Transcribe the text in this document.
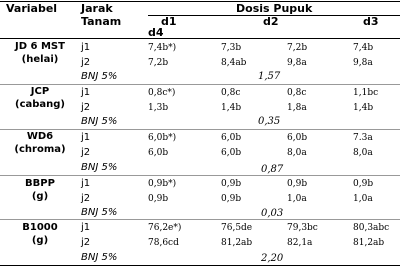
Variabel Jarak
Tanam
Dosis Pupuk
d1	d2	d3
d4
JD 6 MST
(helai)
j1	7,4b*)	7,3b	7,2b	7,4b
j2	7,2b	8,4ab	9,8a	9,8a
BNJ 5%	1,57
JCP
(cabang)
j1	0,8c*)	0,8c	0,8c	1,1bc
j2	1,3b	1,4b	1,8a	1,4b
BNJ 5%	0,35
WD6
(chroma)
j1	6,0b*)	6,0b	6,0b	7.3a
j2	6,0b	6,0b	8,0a	8,0a
BNJ 5%	0,87
BBPP
(g)
j1	0,9b*)	0,9b	0,9b	0,9b
j2	0,9b	0,9b	1,0a	1,0a
BNJ 5%	0,03
B1000
(g)
j1	76,2e*)	76,5de	79,3bc	80,3abc
j2	78,6cd	81,2ab	82,1a	81,2ab
BNJ 5%	2,20
